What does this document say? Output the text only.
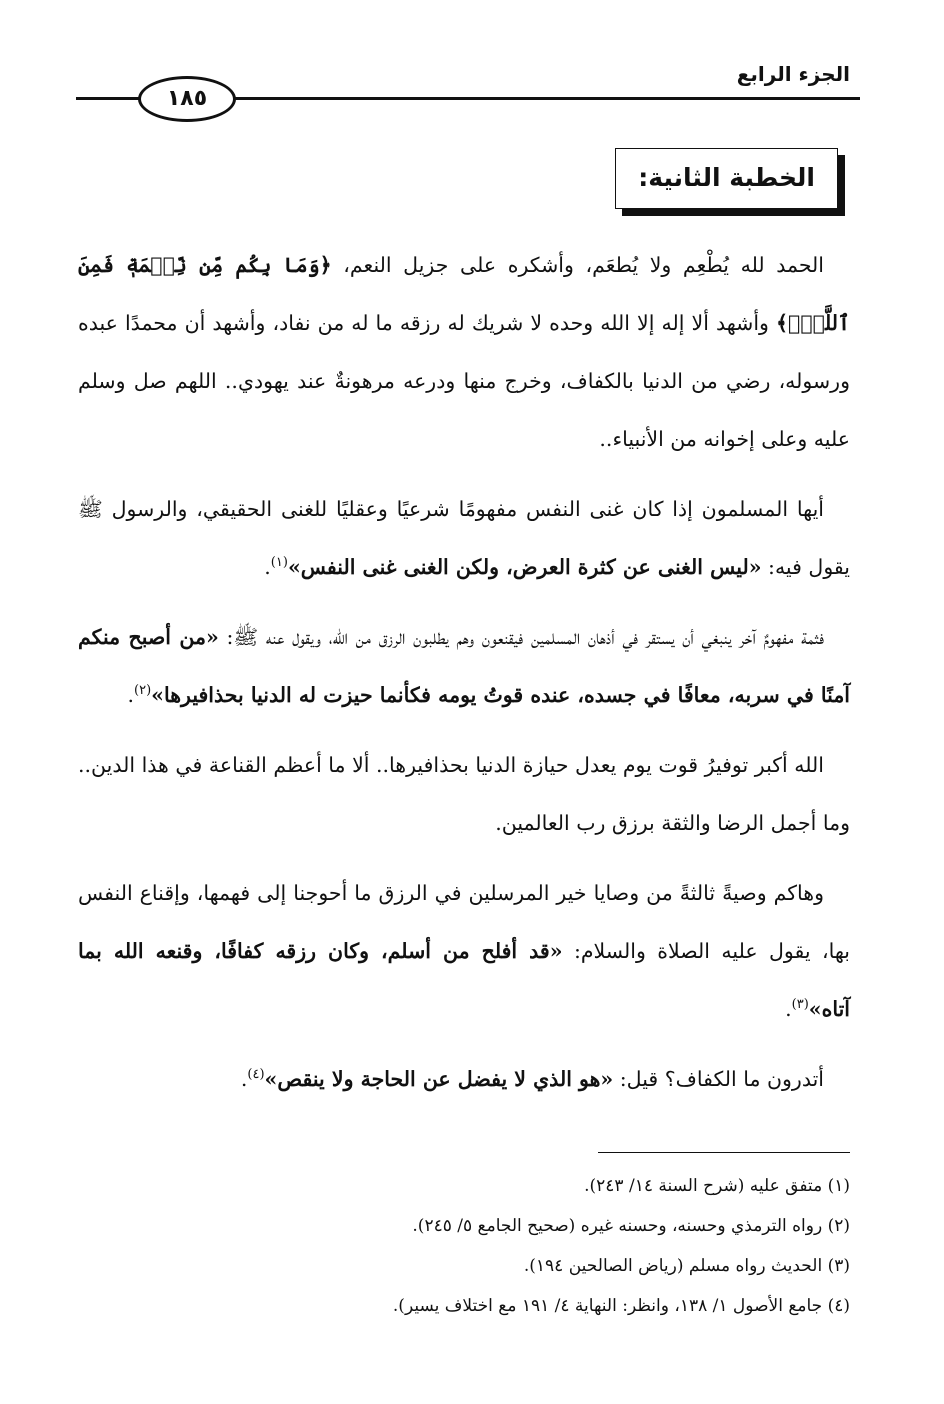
الجزء الرابع
١٨٥
الخطبة الثانية:

الحمد لله يُطْعِم ولا يُطعَم، وأشكره على جزيل النعم، ﴿وَمَا بِكُم مِّن نِّعۡمَةٖ فَمِنَ ٱللَّهِۖ﴾ وأشهد ألا إله إلا الله وحده لا شريك له رزقه ما له من نفاد، وأشهد أن محمدًا عبده ورسوله، رضي من الدنيا بالكفاف، وخرج منها ودرعه مرهونةٌ عند يهودي.. اللهم صل وسلم عليه وعلى إخوانه من الأنبياء..

أيها المسلمون إذا كان غنى النفس مفهومًا شرعيًا وعقليًا للغنى الحقيقي، والرسول ﷺ يقول فيه: «ليس الغنى عن كثرة العرض، ولكن الغنى غنى النفس»$^{(١)}$.

فثمة مفهومٌ آخر ينبغي أن يستقر في أذهان المسلمين فيقنعون وهم يطلبون الرزق من الله، ويقول عنه ﷺ: «من أصبح منكم آمنًا في سربه، معافًا في جسده، عنده قوتُ يومه فكأنما حيزت له الدنيا بحذافيرها»$^{(٢)}$.

الله أكبر توفيرُ قوت يوم يعدل حيازة الدنيا بحذافيرها.. ألا ما أعظم القناعة في هذا الدين.. وما أجمل الرضا والثقة برزق رب العالمين.

وهاكم وصيةً ثالثةً من وصايا خير المرسلين في الرزق ما أحوجنا إلى فهمها، وإقناع النفس بها، يقول عليه الصلاة والسلام: «قد أفلح من أسلم، وكان رزقه كفافًا، وقنعه الله بما آتاه»$^{(٣)}$.

أتدرون ما الكفاف؟ قيل: «هو الذي لا يفضل عن الحاجة ولا ينقص»$^{(٤)}$.

(١) متفق عليه (شرح السنة ١٤/ ٢٤٣).

(٢) رواه الترمذي وحسنه، وحسنه غيره (صحيح الجامع ٥/ ٢٤٥).

(٣) الحديث رواه مسلم (رياض الصالحين ١٩٤).

(٤) جامع الأصول ١/ ١٣٨، وانظر: النهاية ٤/ ١٩١ مع اختلاف يسير).
